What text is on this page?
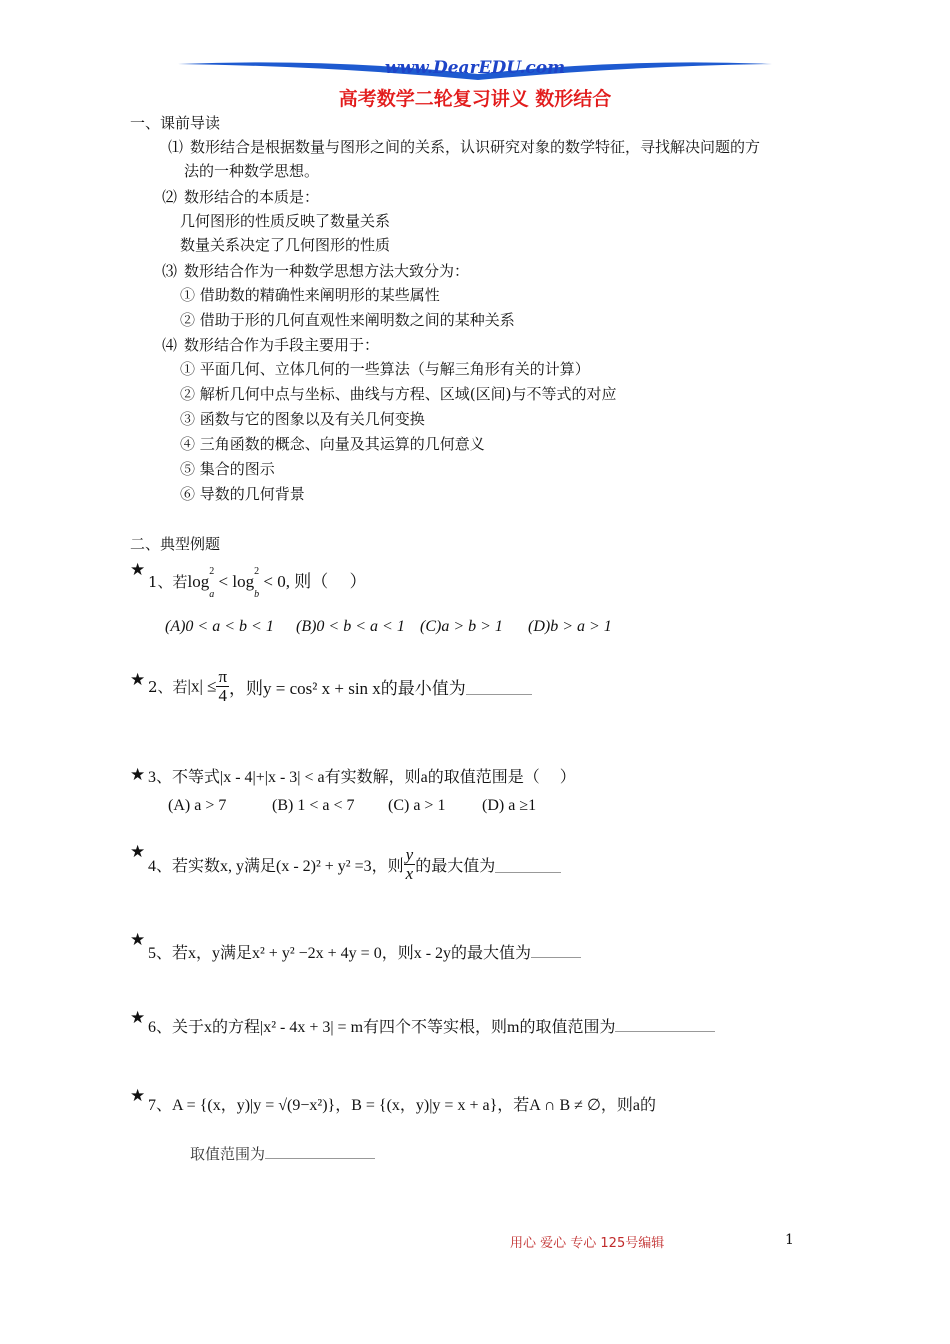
www.DearEDU.com
高考数学二轮复习讲义 数形结合
一、课前导读
⑴ 数形结合是根据数量与图形之间的关系，认识研究对象的数学特征，寻找解决问题的方
法的一种数学思想。
⑵ 数形结合的本质是：
几何图形的性质反映了数量关系
数量关系决定了几何图形的性质
⑶ 数形结合作为一种数学思想方法大致分为：
① 借助数的精确性来阐明形的某些属性
② 借助于形的几何直观性来阐明数之间的某种关系
⑷ 数形结合作为手段主要用于：
① 平面几何、立体几何的一些算法（与解三角形有关的计算）
② 解析几何中点与坐标、曲线与方程、区域(区间)与不等式的对应
③ 函数与它的图象以及有关几何变换
④ 三角函数的概念、向量及其运算的几何意义
⑤ 集合的图示
⑥ 导数的几何背景
二、典型例题
★
1、若log
2
$_a$ < log
2
$_b$ < 0, 则（　 ）
(A)0 < a < b < 1 (B)0 < b < a < 1 (C)a > b > 1 (D)b > a > 1
★ 2、若$|x| \le \frac{\pi}{4}$ ，则y = cos² x + sin x的最小值为
★ 3、不等式|x - 4|+|x - 3| < a有实数解，则a的取值范围是（　 ）
(A) a > 7	(B) 1 < a < 7 (C) a > 1 (D) a ≥1
★
4、若实数x, y满足(x - 2)² + y² =3，则 $\frac{y}{x}$ 的最大值为
★
5、若x，y满足x² + y² −2x + 4y = 0，则x - 2y的最大值为
★ 6、关于x的方程|x² - 4x + 3| = m有四个不等实根，则m的取值范围为
★ 7、A = {(x，y)|y = √(9−x²)}，B = {(x，y)|y = x + a}，若A ∩ B ≠ ∅，则a的
取值范围为
用心 爱心 专心 125号编辑	1
